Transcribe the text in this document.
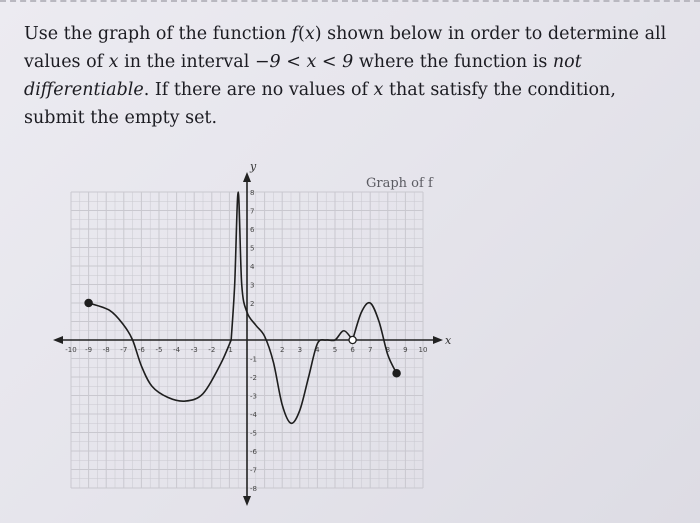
Use the graph of the function f(x) shown below in order to determine all values of x in the interval −9 < x < 9 where the function is not differentiable. If there are no values of x that satisfy the condition, submit the empty set.
Graph of f
x
y
-10 -9 -8 -7 -6 -5 -4 -3 -2 -1	2 3 4 5 6 7 8 9 10
8
7
6
5
4
3
2
-1
-2
-3
-4
-5
-6
-7
-8
